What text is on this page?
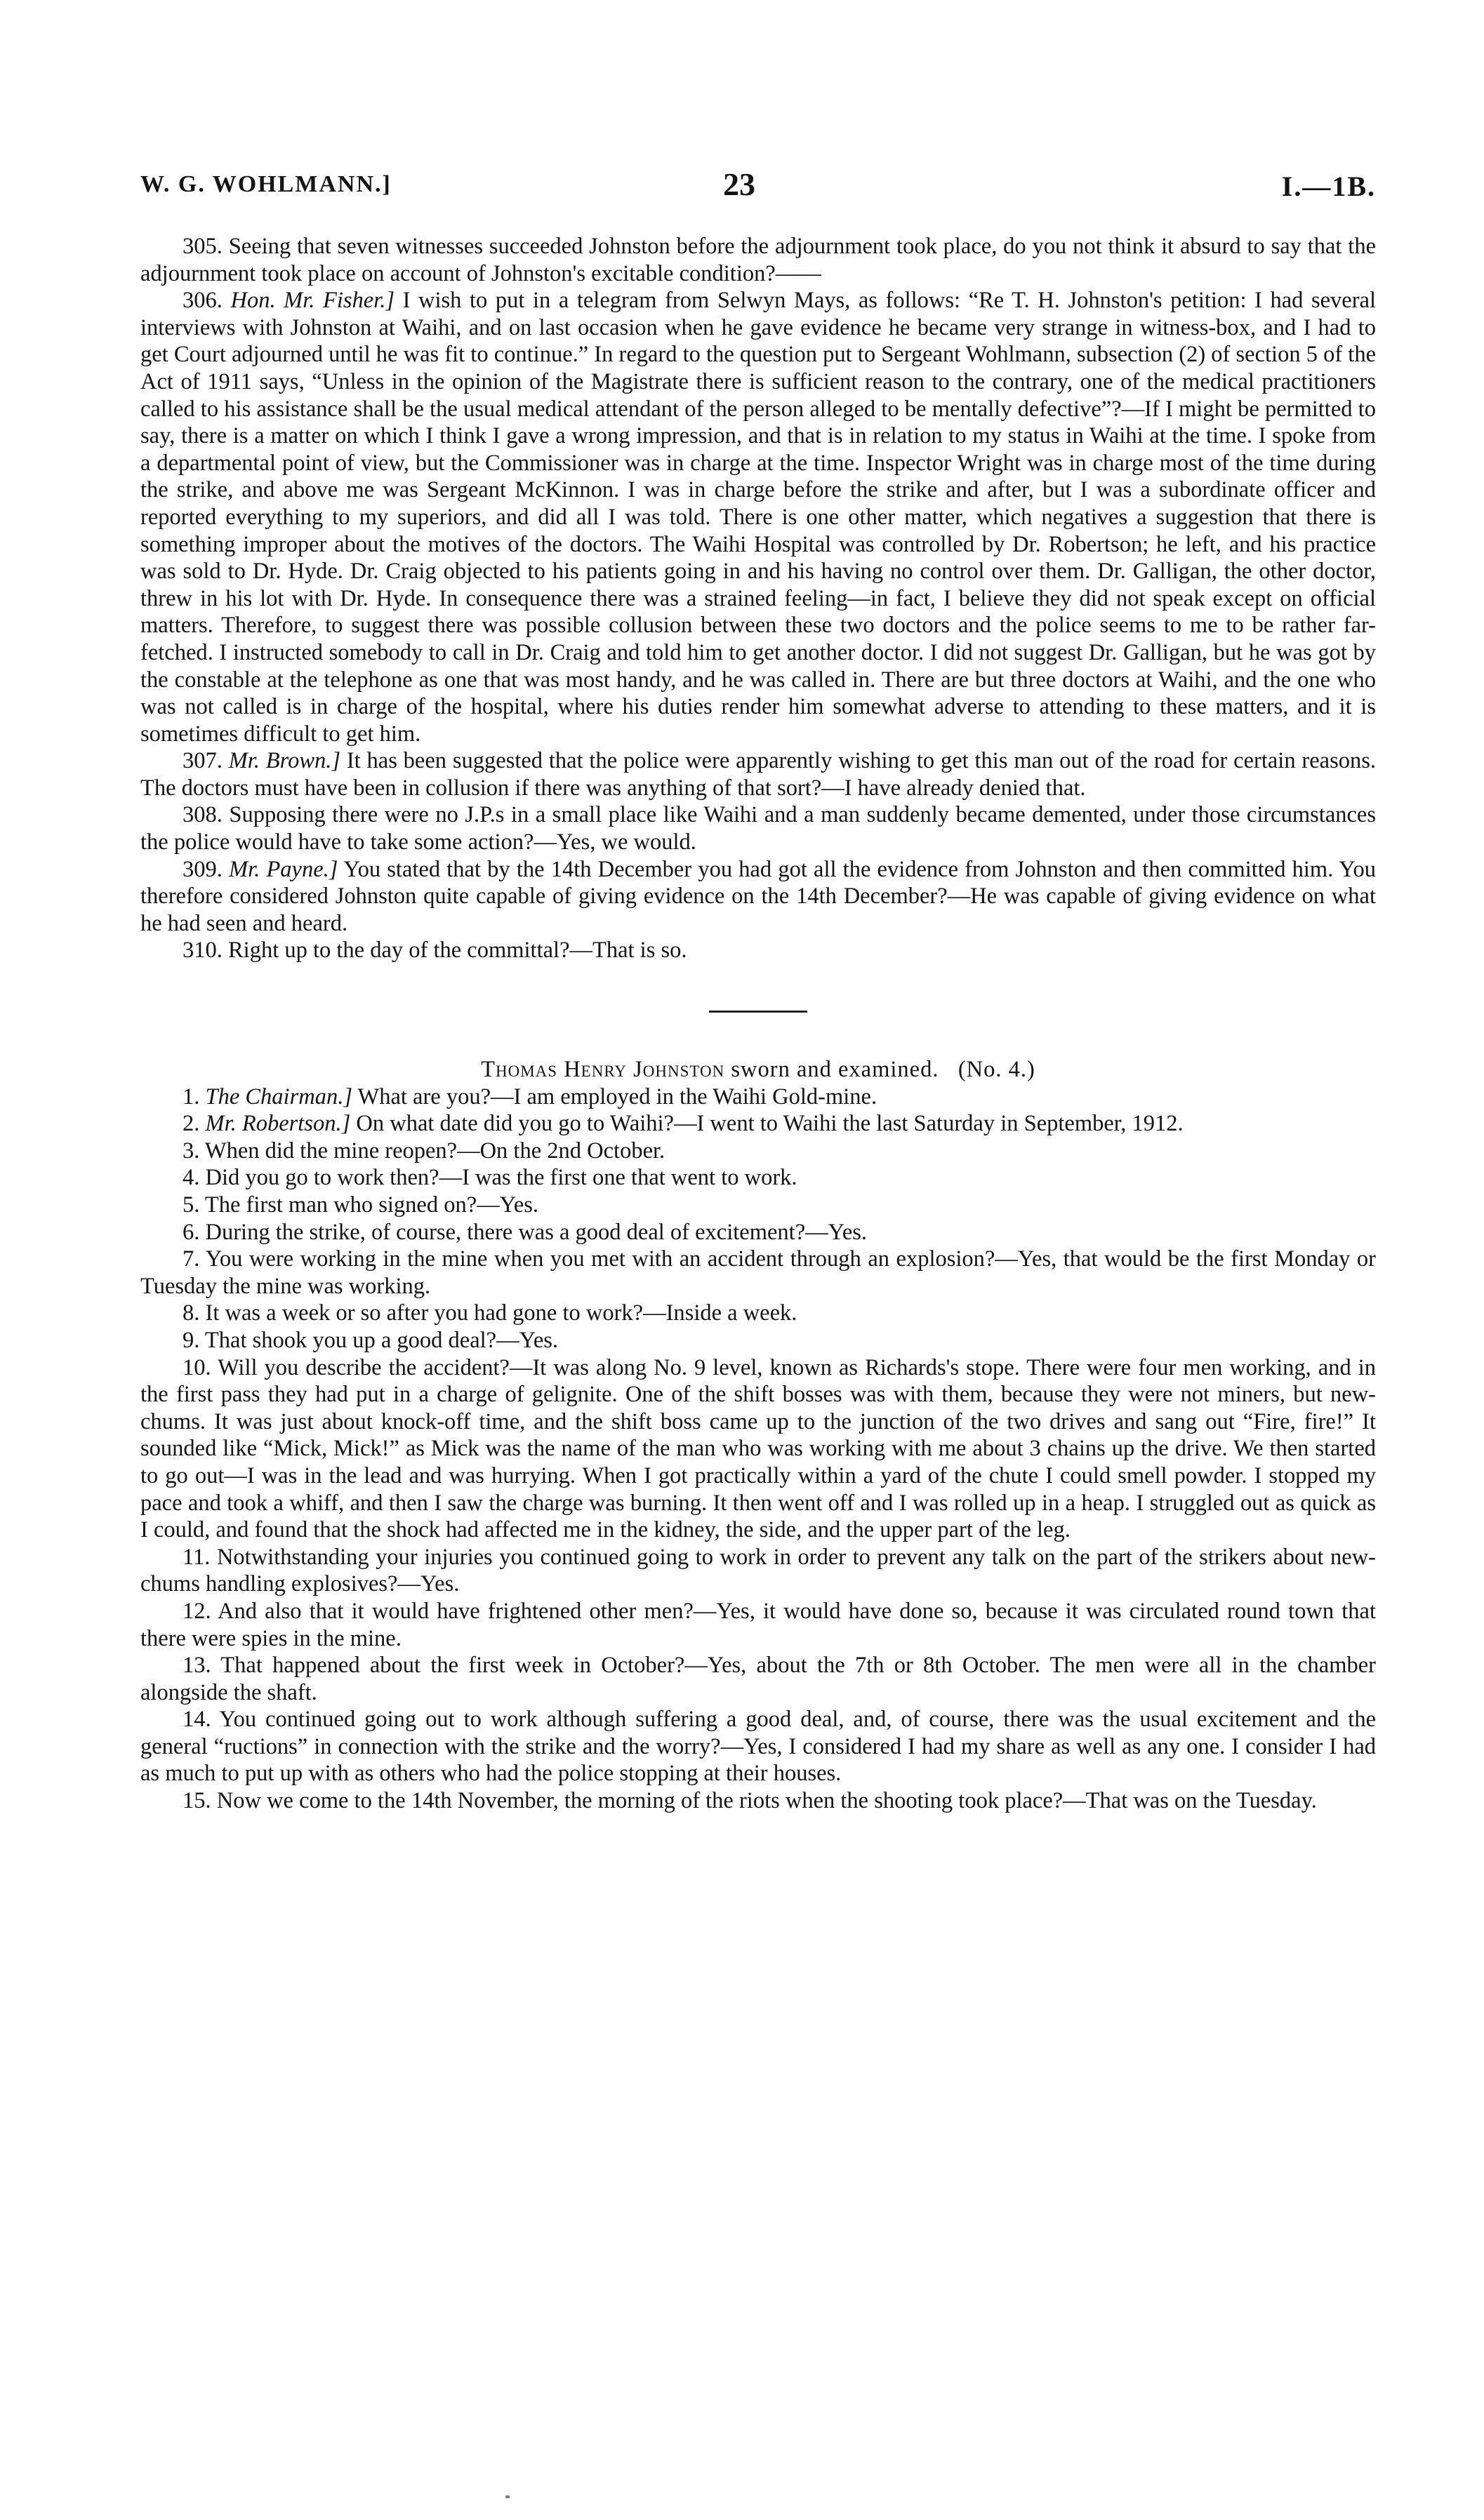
W. G. WOHLMANN.]	23	I.—1B.

305. Seeing that seven witnesses succeeded Johnston before the adjournment took place, do you not think it absurd to say that the adjournment took place on account of Johnston's excitable condition?——

306. Hon. Mr. Fisher.] I wish to put in a telegram from Selwyn Mays, as follows: “Re T. H. Johnston's petition: I had several interviews with Johnston at Waihi, and on last occasion when he gave evidence he became very strange in witness-box, and I had to get Court adjourned until he was fit to continue.” In regard to the question put to Sergeant Wohlmann, subsection (2) of section 5 of the Act of 1911 says, “Unless in the opinion of the Magistrate there is sufficient reason to the contrary, one of the medical practitioners called to his assistance shall be the usual medical attendant of the person alleged to be mentally defective”?—If I might be permitted to say, there is a matter on which I think I gave a wrong impression, and that is in relation to my status in Waihi at the time. I spoke from a departmental point of view, but the Commissioner was in charge at the time. Inspector Wright was in charge most of the time during the strike, and above me was Sergeant McKinnon. I was in charge before the strike and after, but I was a subordinate officer and reported everything to my superiors, and did all I was told. There is one other matter, which negatives a suggestion that there is something improper about the motives of the doctors. The Waihi Hospital was controlled by Dr. Robertson; he left, and his practice was sold to Dr. Hyde. Dr. Craig objected to his patients going in and his having no control over them. Dr. Galligan, the other doctor, threw in his lot with Dr. Hyde. In consequence there was a strained feeling—in fact, I believe they did not speak except on official matters. Therefore, to suggest there was possible collusion between these two doctors and the police seems to me to be rather far-fetched. I instructed somebody to call in Dr. Craig and told him to get another doctor. I did not suggest Dr. Galligan, but he was got by the constable at the telephone as one that was most handy, and he was called in. There are but three doctors at Waihi, and the one who was not called is in charge of the hospital, where his duties render him somewhat adverse to attending to these matters, and it is sometimes difficult to get him.

307. Mr. Brown.] It has been suggested that the police were apparently wishing to get this man out of the road for certain reasons. The doctors must have been in collusion if there was anything of that sort?—I have already denied that.

308. Supposing there were no J.P.s in a small place like Waihi and a man suddenly became demented, under those circumstances the police would have to take some action?—Yes, we would.

309. Mr. Payne.] You stated that by the 14th December you had got all the evidence from Johnston and then committed him. You therefore considered Johnston quite capable of giving evidence on the 14th December?—He was capable of giving evidence on what he had seen and heard.

310. Right up to the day of the committal?—That is so.

Thomas Henry Johnston sworn and examined. (No. 4.)

1. The Chairman.] What are you?—I am employed in the Waihi Gold-mine.

2. Mr. Robertson.] On what date did you go to Waihi?—I went to Waihi the last Saturday in September, 1912.

3. When did the mine reopen?—On the 2nd October.

4. Did you go to work then?—I was the first one that went to work.

5. The first man who signed on?—Yes.

6. During the strike, of course, there was a good deal of excitement?—Yes.

7. You were working in the mine when you met with an accident through an explosion?—Yes, that would be the first Monday or Tuesday the mine was working.

8. It was a week or so after you had gone to work?—Inside a week.

9. That shook you up a good deal?—Yes.

10. Will you describe the accident?—It was along No. 9 level, known as Richards's stope. There were four men working, and in the first pass they had put in a charge of gelignite. One of the shift bosses was with them, because they were not miners, but new-chums. It was just about knock-off time, and the shift boss came up to the junction of the two drives and sang out “Fire, fire!” It sounded like “Mick, Mick!” as Mick was the name of the man who was working with me about 3 chains up the drive. We then started to go out—I was in the lead and was hurrying. When I got practically within a yard of the chute I could smell powder. I stopped my pace and took a whiff, and then I saw the charge was burning. It then went off and I was rolled up in a heap. I struggled out as quick as I could, and found that the shock had affected me in the kidney, the side, and the upper part of the leg.

11. Notwithstanding your injuries you continued going to work in order to prevent any talk on the part of the strikers about new-chums handling explosives?—Yes.

12. And also that it would have frightened other men?—Yes, it would have done so, because it was circulated round town that there were spies in the mine.

13. That happened about the first week in October?—Yes, about the 7th or 8th October. The men were all in the chamber alongside the shaft.

14. You continued going out to work although suffering a good deal, and, of course, there was the usual excitement and the general “ructions” in connection with the strike and the worry?—Yes, I considered I had my share as well as any one. I consider I had as much to put up with as others who had the police stopping at their houses.

15. Now we come to the 14th November, the morning of the riots when the shooting took place?—That was on the Tuesday.
